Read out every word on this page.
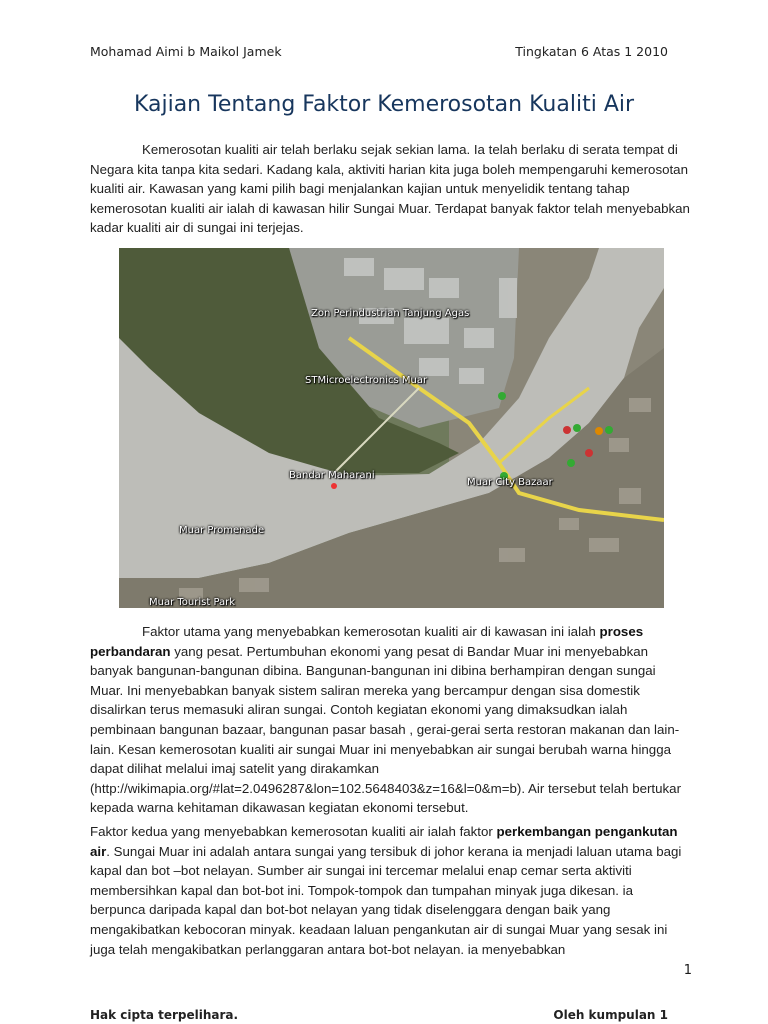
Mohamad Aimi b Maikol Jamek	Tingkatan 6 Atas 1 2010
Kajian Tentang Faktor Kemerosotan Kualiti Air
Kemerosotan kualiti air telah berlaku sejak sekian lama. Ia telah berlaku di serata tempat di Negara kita tanpa kita sedari. Kadang kala, aktiviti harian kita juga boleh mempengaruhi kemerosotan kualiti air. Kawasan yang kami pilih bagi menjalankan kajian untuk menyelidik tentang tahap kemerosotan kualiti air ialah di kawasan hilir Sungai Muar. Terdapat banyak faktor telah menyebabkan kadar kualiti air di sungai ini terjejas.
Zon Perindustrian Tanjung Agas
STMicroelectronics Muar
Bandar Maharani
Muar City Bazaar
Muar Promenade
Muar Tourist Park
Faktor utama yang menyebabkan kemerosotan kualiti air di kawasan ini ialah proses perbandaran yang pesat. Pertumbuhan ekonomi yang pesat di Bandar Muar ini menyebabkan banyak bangunan-bangunan dibina. Bangunan-bangunan ini dibina berhampiran dengan sungai Muar. Ini menyebabkan banyak sistem saliran mereka yang bercampur dengan sisa domestik disalirkan terus memasuki aliran sungai. Contoh kegiatan ekonomi yang dimaksudkan ialah pembinaan bangunan bazaar, bangunan pasar basah , gerai-gerai serta restoran makanan dan lain-lain. Kesan kemerosotan kualiti air sungai Muar ini menyebabkan air sungai berubah warna hingga dapat dilihat melalui imaj satelit yang dirakamkan (http://wikimapia.org/#lat=2.0496287&lon=102.5648403&z=16&l=0&m=b). Air tersebut telah bertukar kepada warna kehitaman dikawasan kegiatan ekonomi tersebut.
Faktor kedua yang menyebabkan kemerosotan kualiti air ialah faktor perkembangan pengankutan air. Sungai Muar ini adalah antara sungai yang tersibuk di johor kerana ia menjadi laluan utama bagi kapal dan bot –bot nelayan. Sumber air sungai ini tercemar melalui enap cemar serta aktiviti membersihkan kapal dan bot-bot ini. Tompok-tompok dan tumpahan minyak juga dikesan. ia berpunca daripada kapal dan bot-bot nelayan yang tidak diselenggara dengan baik yang mengakibatkan kebocoran minyak. keadaan laluan pengankutan air di sungai Muar yang sesak ini juga telah mengakibatkan perlanggaran antara bot-bot nelayan. ia menyebabkan
1
Hak cipta terpelihara.	Oleh kumpulan 1
